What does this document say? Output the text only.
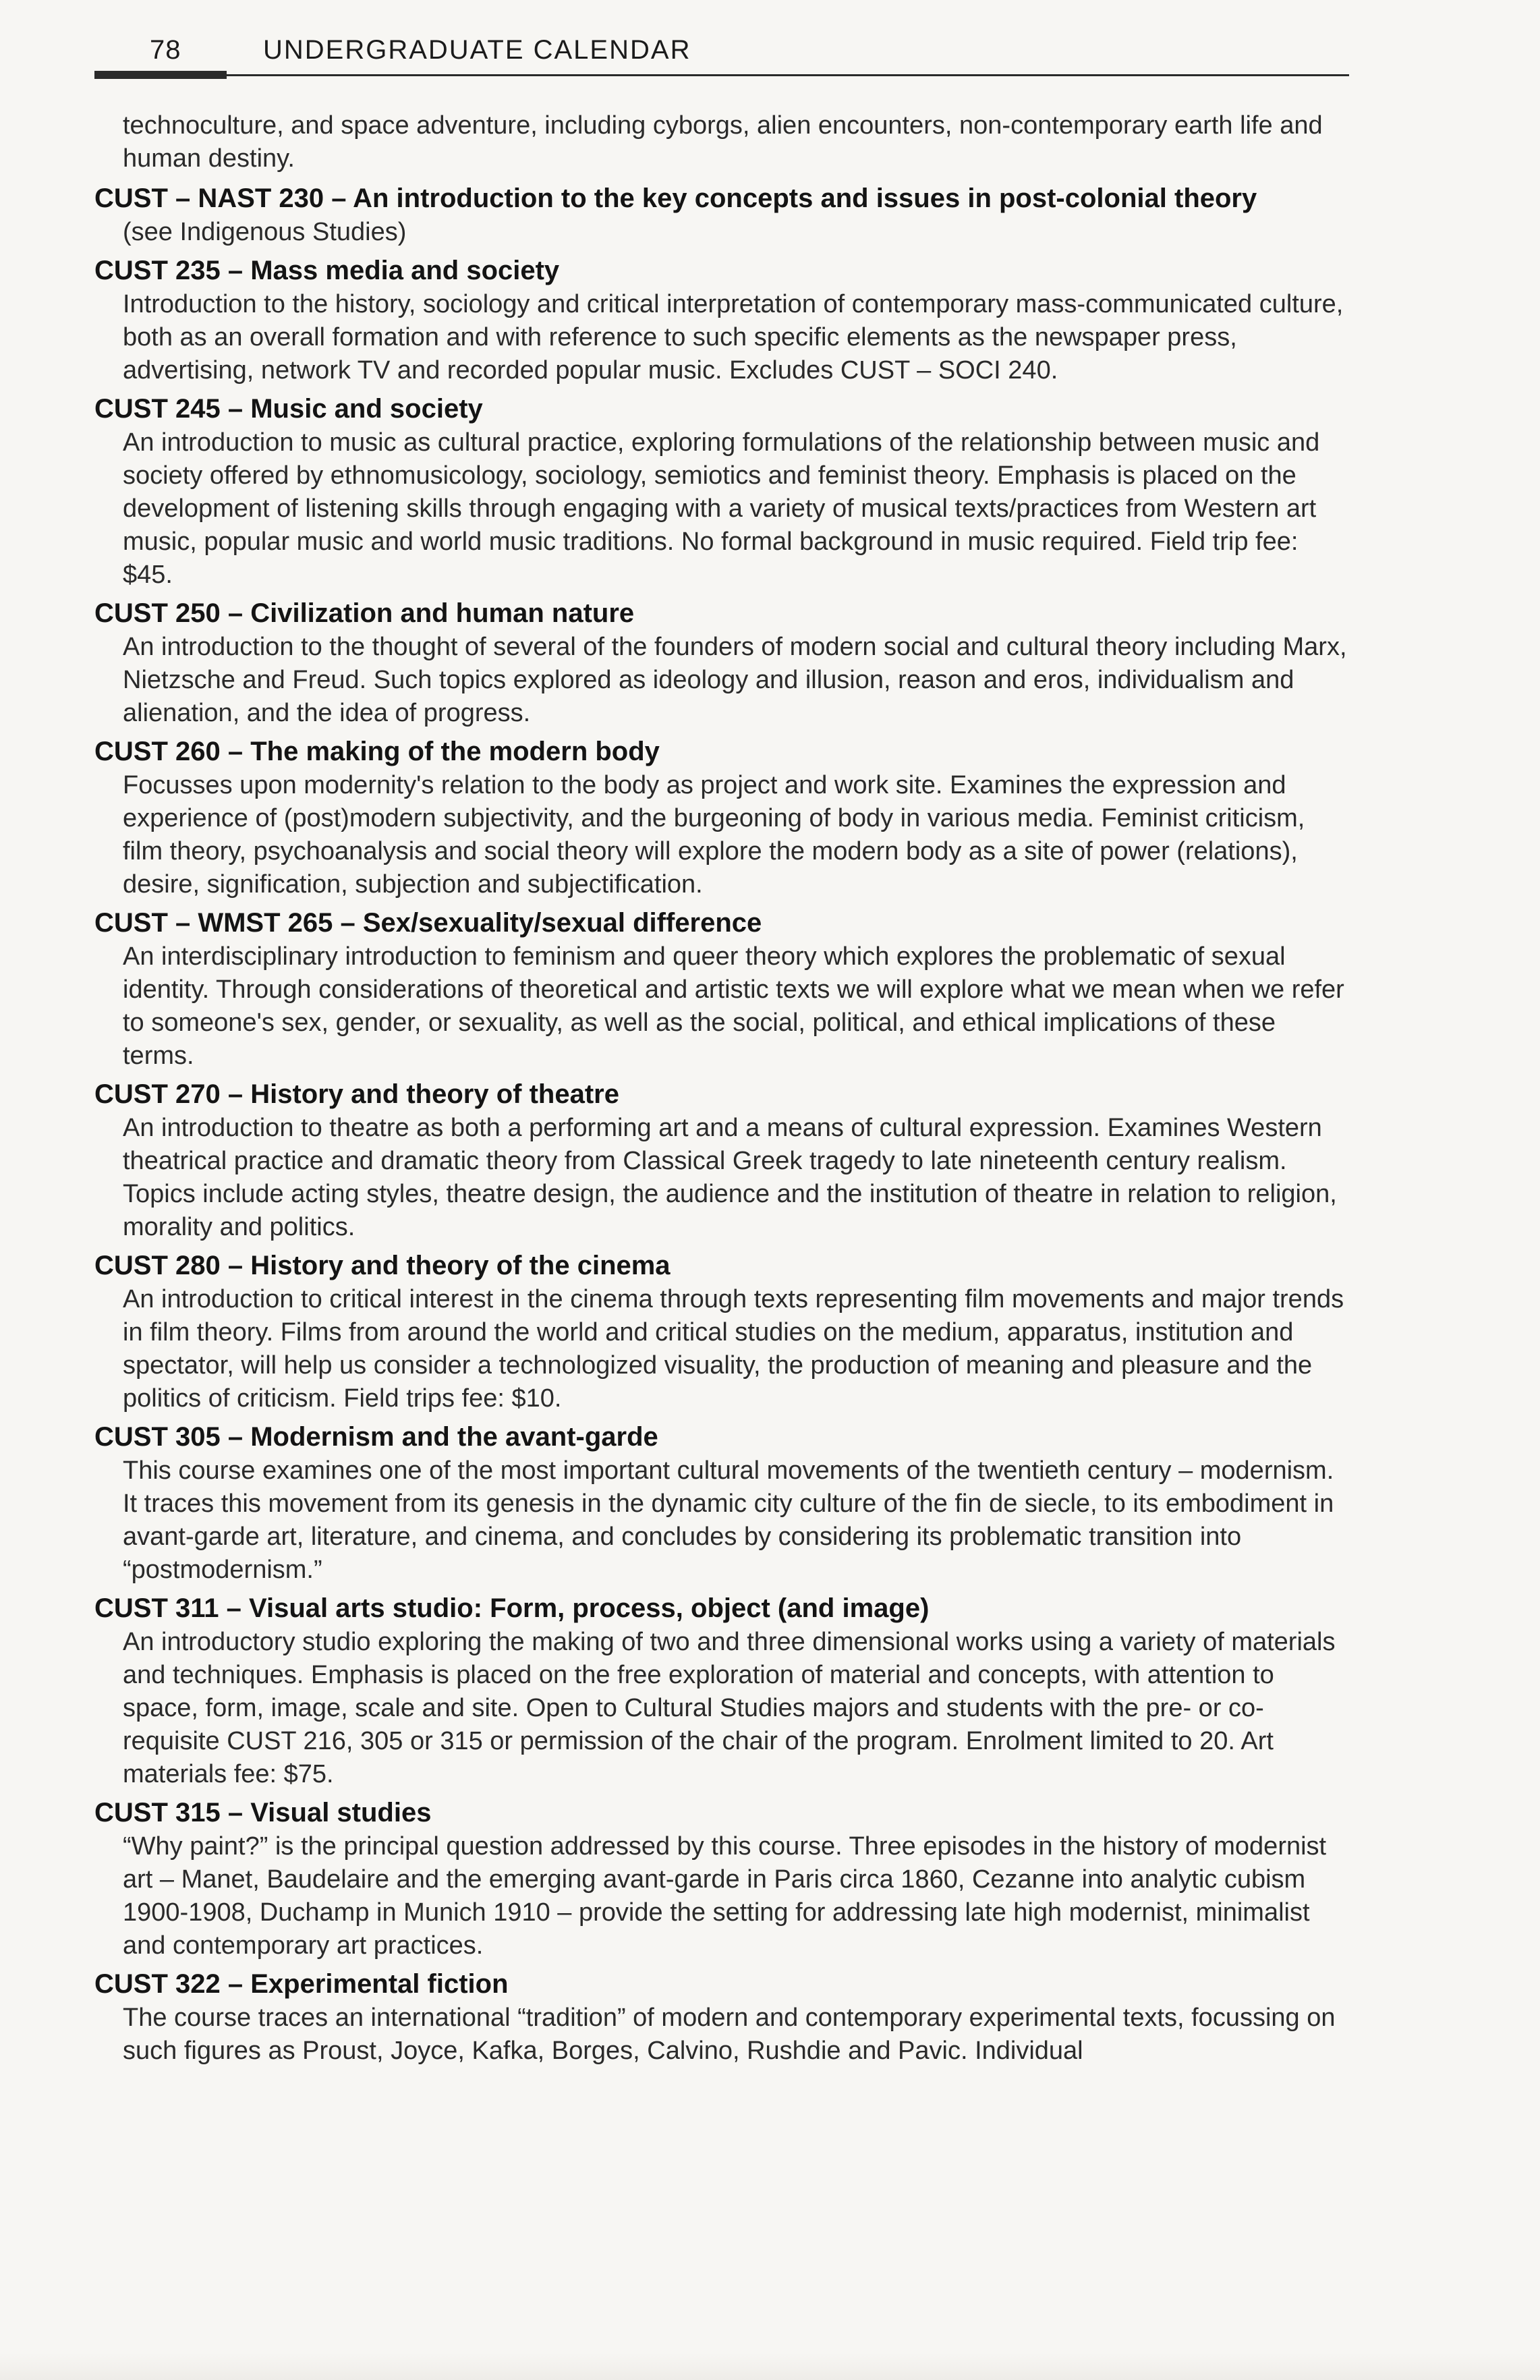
78	UNDERGRADUATE CALENDAR

technoculture, and space adventure, including cyborgs, alien encounters, non-contemporary earth life and human destiny.

CUST – NAST 230 – An introduction to the key concepts and issues in post-colonial theory

(see Indigenous Studies)

CUST 235 – Mass media and society

Introduction to the history, sociology and critical interpretation of contemporary mass-communicated culture, both as an overall formation and with reference to such specific elements as the newspaper press, advertising, network TV and recorded popular music. Excludes CUST – SOCI 240.

CUST 245 – Music and society

An introduction to music as cultural practice, exploring formulations of the relationship between music and society offered by ethnomusicology, sociology, semiotics and feminist theory. Emphasis is placed on the development of listening skills through engaging with a variety of musical texts/practices from Western art music, popular music and world music traditions. No formal background in music required. Field trip fee: $45.

CUST 250 – Civilization and human nature

An introduction to the thought of several of the founders of modern social and cultural theory including Marx, Nietzsche and Freud. Such topics explored as ideology and illusion, reason and eros, individualism and alienation, and the idea of progress.

CUST 260 – The making of the modern body

Focusses upon modernity's relation to the body as project and work site. Examines the expression and experience of (post)modern subjectivity, and the burgeoning of body in various media. Feminist criticism, film theory, psychoanalysis and social theory will explore the modern body as a site of power (relations), desire, signification, subjection and subjectification.

CUST – WMST 265 – Sex/sexuality/sexual difference

An interdisciplinary introduction to feminism and queer theory which explores the problematic of sexual identity. Through considerations of theoretical and artistic texts we will explore what we mean when we refer to someone's sex, gender, or sexuality, as well as the social, political, and ethical implications of these terms.

CUST 270 – History and theory of theatre

An introduction to theatre as both a performing art and a means of cultural expression. Examines Western theatrical practice and dramatic theory from Classical Greek tragedy to late nineteenth century realism. Topics include acting styles, theatre design, the audience and the institution of theatre in relation to religion, morality and politics.

CUST 280 – History and theory of the cinema

An introduction to critical interest in the cinema through texts representing film movements and major trends in film theory. Films from around the world and critical studies on the medium, apparatus, institution and spectator, will help us consider a technologized visuality, the production of meaning and pleasure and the politics of criticism. Field trips fee: $10.

CUST 305 – Modernism and the avant-garde

This course examines one of the most important cultural movements of the twentieth century – modernism. It traces this movement from its genesis in the dynamic city culture of the fin de siecle, to its embodiment in avant-garde art, literature, and cinema, and concludes by considering its problematic transition into “postmodernism.”

CUST 311 – Visual arts studio: Form, process, object (and image)

An introductory studio exploring the making of two and three dimensional works using a variety of materials and techniques. Emphasis is placed on the free exploration of material and concepts, with attention to space, form, image, scale and site. Open to Cultural Studies majors and students with the pre- or co-requisite CUST 216, 305 or 315 or permission of the chair of the program. Enrolment limited to 20. Art materials fee: $75.

CUST 315 – Visual studies

“Why paint?” is the principal question addressed by this course. Three episodes in the history of modernist art – Manet, Baudelaire and the emerging avant-garde in Paris circa 1860, Cezanne into analytic cubism 1900-1908, Duchamp in Munich 1910 – provide the setting for addressing late high modernist, minimalist and contemporary art practices.

CUST 322 – Experimental fiction

The course traces an international “tradition” of modern and contemporary experimental texts, focussing on such figures as Proust, Joyce, Kafka, Borges, Calvino, Rushdie and Pavic. Individual
